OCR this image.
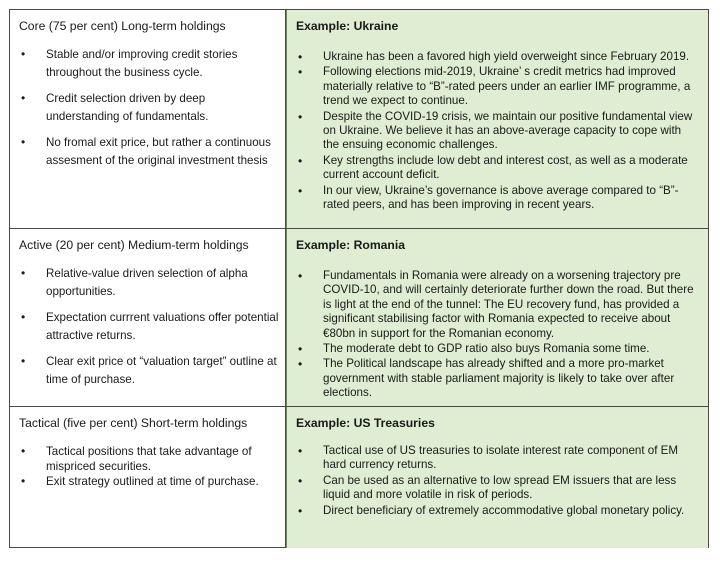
Core (75 per cent) Long-term holdings
• Stable and/or improving credit stories throughout the business cycle.
• Credit selection driven by deep understanding of fundamentals.
• No fromal exit price, but rather a continuous assesment of the original investment thesis
Example: Ukraine
• Ukraine has been a favored high yield overweight since February 2019.
• Following elections mid-2019, Ukraine’ s credit metrics had improved materially relative to “B”-rated peers under an earlier IMF programme, a trend we expect to continue.
• Despite the COVID-19 crisis, we maintain our positive fundamental view on Ukraine. We believe it has an above-average capacity to cope with the ensuing economic challenges.
• Key strengths include low debt and interest cost, as well as a moderate current account deficit.
• In our view, Ukraine’s governance is above average compared to “B”-rated peers, and has been improving in recent years.
Active (20 per cent) Medium-term holdings
• Relative-value driven selection of alpha opportunities.
• Expectation currrent valuations offer potential attractive returns.
• Clear exit price ot “valuation target” outline at time of purchase.
Example: Romania
• Fundamentals in Romania were already on a worsening trajectory pre COVID-10, and will certainly deteriorate further down the road. But there is light at the end of the tunnel: The EU recovery fund, has provided a significant stabilising factor with Romania expected to receive about €80bn in support for the Romanian economy.
• The moderate debt to GDP ratio also buys Romania some time.
• The Political landscape has already shifted and a more pro-market government with stable parliament majority is likely to take over after elections.
Tactical (five per cent) Short-term holdings
• Tactical positions that take advantage of mispriced securities.
• Exit strategy outlined at time of purchase.
Example: US Treasuries
• Tactical use of US treasuries to isolate interest rate component of EM hard currency returns.
• Can be used as an alternative to low spread EM issuers that are less liquid and more volatile in risk of periods.
• Direct beneficiary of extremely accommodative global monetary policy.
